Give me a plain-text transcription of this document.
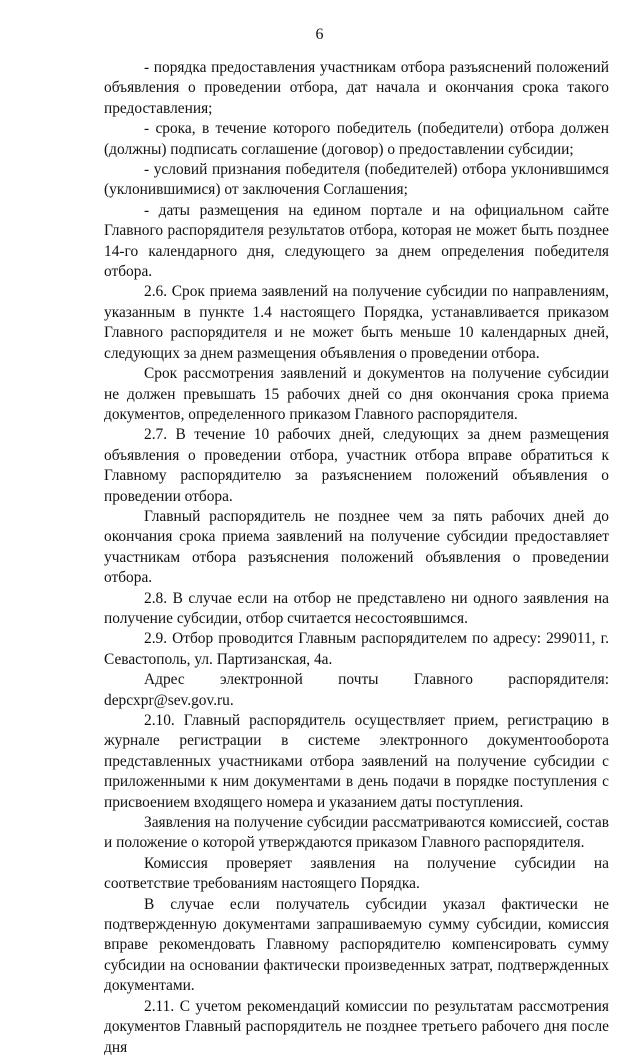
6

- порядка предоставления участникам отбора разъяснений положений объявления о проведении отбора, дат начала и окончания срока такого предоставления;

- срока, в течение которого победитель (победители) отбора должен (должны) подписать соглашение (договор) о предоставлении субсидии;

- условий признания победителя (победителей) отбора уклонившимся (уклонившимися) от заключения Соглашения;

- даты размещения на едином портале и на официальном сайте Главного распорядителя результатов отбора, которая не может быть позднее 14-го календарного дня, следующего за днем определения победителя отбора.

2.6. Срок приема заявлений на получение субсидии по направлениям, указанным в пункте 1.4 настоящего Порядка, устанавливается приказом Главного распорядителя и не может быть меньше 10 календарных дней, следующих за днем размещения объявления о проведении отбора.

Срок рассмотрения заявлений и документов на получение субсидии не должен превышать 15 рабочих дней со дня окончания срока приема документов, определенного приказом Главного распорядителя.

2.7. В течение 10 рабочих дней, следующих за днем размещения объявления о проведении отбора, участник отбора вправе обратиться к Главному распорядителю за разъяснением положений объявления о проведении отбора.

Главный распорядитель не позднее чем за пять рабочих дней до окончания срока приема заявлений на получение субсидии предоставляет участникам отбора разъяснения положений объявления о проведении отбора.

2.8. В случае если на отбор не представлено ни одного заявления на получение субсидии, отбор считается несостоявшимся.

2.9. Отбор проводится Главным распорядителем по адресу: 299011, г. Севастополь, ул. Партизанская, 4а.

Адрес электронной почты Главного распорядителя: depcxpr@sev.gov.ru.

2.10. Главный распорядитель осуществляет прием, регистрацию в журнале регистрации в системе электронного документооборота представленных участниками отбора заявлений на получение субсидии с приложенными к ним документами в день подачи в порядке поступления с присвоением входящего номера и указанием даты поступления.

Заявления на получение субсидии рассматриваются комиссией, состав и положение о которой утверждаются приказом Главного распорядителя.

Комиссия проверяет заявления на получение субсидии на соответствие требованиям настоящего Порядка.

В случае если получатель субсидии указал фактически не подтвержденную документами запрашиваемую сумму субсидии, комиссия вправе рекомендовать Главному распорядителю компенсировать сумму субсидии на основании фактически произведенных затрат, подтвержденных документами.

2.11. С учетом рекомендаций комиссии по результатам рассмотрения документов Главный распорядитель не позднее третьего рабочего дня после дня
